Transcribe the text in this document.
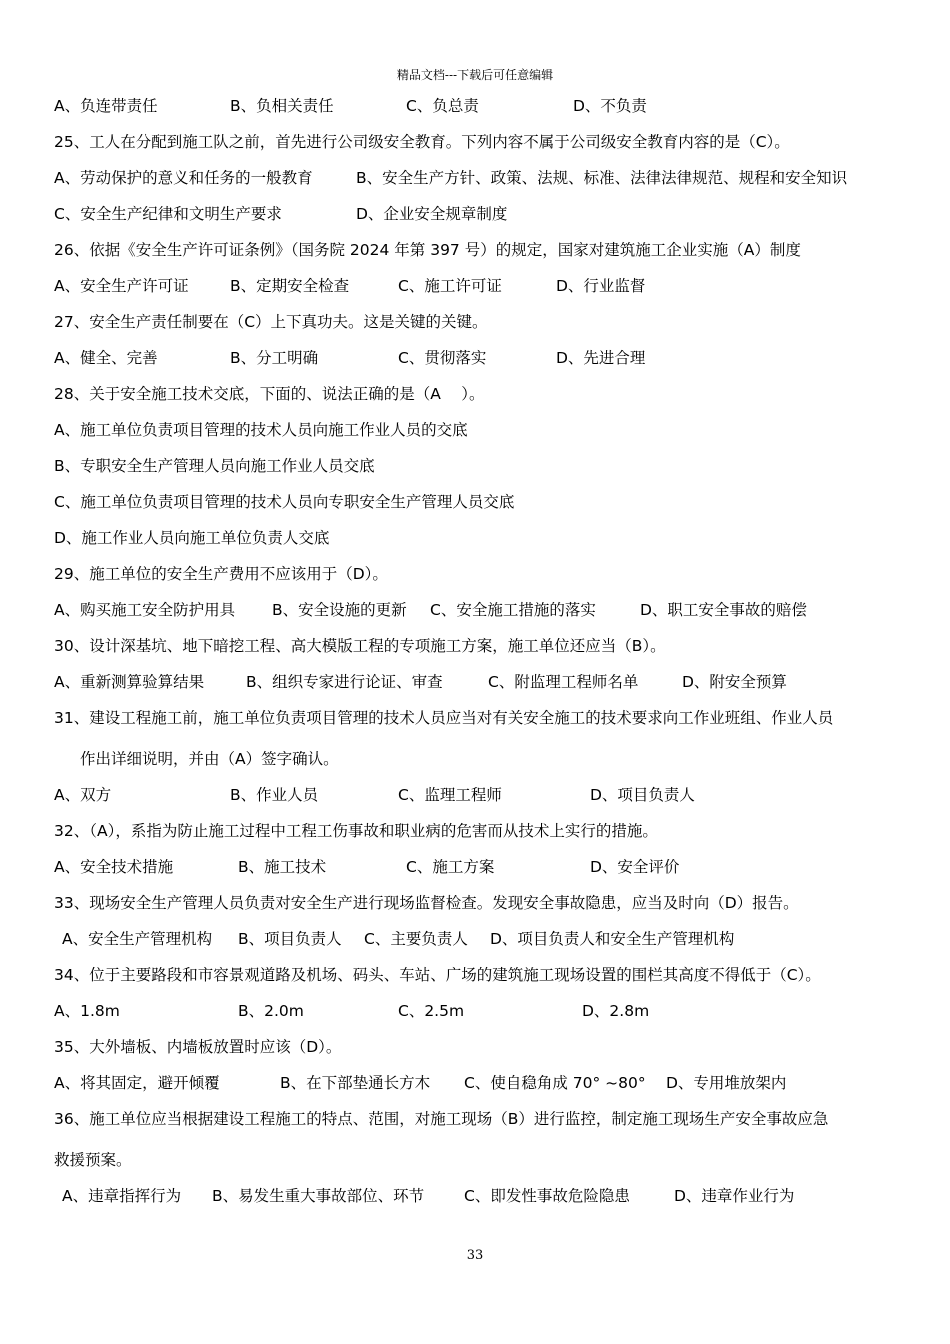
精品文档---下载后可任意编辑
A、负连带责任	B、负相关责任	C、负总责	D、不负责
25、工人在分配到施工队之前，首先进行公司级安全教育。下列内容不属于公司级安全教育内容的是（C）。
A、劳动保护的意义和任务的一般教育	B、安全生产方针、政策、法规、标准、法律法律规范、规程和安全知识
C、安全生产纪律和文明生产要求	D、企业安全规章制度
26、依据《安全生产许可证条例》（国务院 2024 年第 397 号）的规定，国家对建筑施工企业实施（A）制度
A、安全生产许可证	B、定期安全检查	C、施工许可证	D、行业监督
27、安全生产责任制要在（C）上下真功夫。这是关键的关键。
A、健全、完善	B、分工明确	C、贯彻落实	D、先进合理
28、关于安全施工技术交底，下面的、说法正确的是（A　 ）。
A、施工单位负责项目管理的技术人员向施工作业人员的交底
B、专职安全生产管理人员向施工作业人员交底
C、施工单位负责项目管理的技术人员向专职安全生产管理人员交底
D、施工作业人员向施工单位负责人交底
29、施工单位的安全生产费用不应该用于（D）。
A、购买施工安全防护用具 B、安全设施的更新 C、安全施工措施的落实	D、职工安全事故的赔偿
30、设计深基坑、地下暗挖工程、高大模版工程的专项施工方案，施工单位还应当（B）。
A、重新测算验算结果	B、组织专家进行论证、审查	C、附监理工程师名单	D、附安全预算
31、建设工程施工前，施工单位负责项目管理的技术人员应当对有关安全施工的技术要求向工作业班组、作业人员
作出详细说明，并由（A）签字确认。
A、双方	B、作业人员	C、监理工程师	D、项目负责人
32、（A），系指为防止施工过程中工程工伤事故和职业病的危害而从技术上实行的措施。
A、安全技术措施	B、施工技术	C、施工方案	D、安全评价
33、现场安全生产管理人员负责对安全生产进行现场监督检查。发现安全事故隐患，应当及时向（D）报告。
A、安全生产管理机构 B、项目负责人 C、主要负责人 D、项目负责人和安全生产管理机构
34、位于主要路段和市容景观道路及机场、码头、车站、广场的建筑施工现场设置的围栏其高度不得低于（C）。
A、1.8m	B、2.0m	C、2.5m	D、2.8m
35、大外墙板、内墙板放置时应该（D）。
A、将其固定，避开倾覆	B、在下部垫通长方木 C、使自稳角成 70° ~80° D、专用堆放架内
36、施工单位应当根据建设工程施工的特点、范围，对施工现场（B）进行监控，制定施工现场生产安全事故应急
救援预案。
A、违章指挥行为 B、易发生重大事故部位、环节	C、即发性事故危险隐患	D、违章作业行为
33
